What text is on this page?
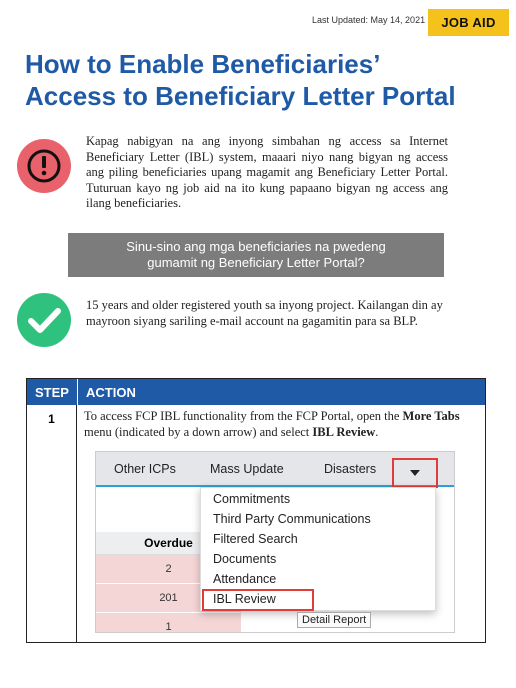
Last Updated: May 14, 2021	JOB AID
How to Enable Beneficiaries’
Access to Beneficiary Letter Portal

Kapag nabigyan na ang inyong simbahan ng access sa Internet Beneficiary Letter (IBL) system, maaari niyo nang bigyan ng access ang piling beneficiaries upang magamit ang Beneficiary Letter Portal. Tuturuan kayo ng job aid na ito kung papaano bigyan ng access ang ilang beneficiaries.

Sinu-sino ang mga beneficiaries na pwedeng
gumamit ng Beneficiary Letter Portal?

15 years and older registered youth sa inyong project. Kailangan din ay mayroon siyang sariling e-mail account na gagamitin para sa BLP.

STEP	ACTION
1	To access FCP IBL functionality from the FCP Portal, open the More Tabs menu (indicated by a down arrow) and select IBL Review.

Other ICPs	Mass Update	Disasters
Overdue
2
201
1
Commitments
Third Party Communications
Filtered Search
Documents
Attendance
IBL Review
Detail Report
